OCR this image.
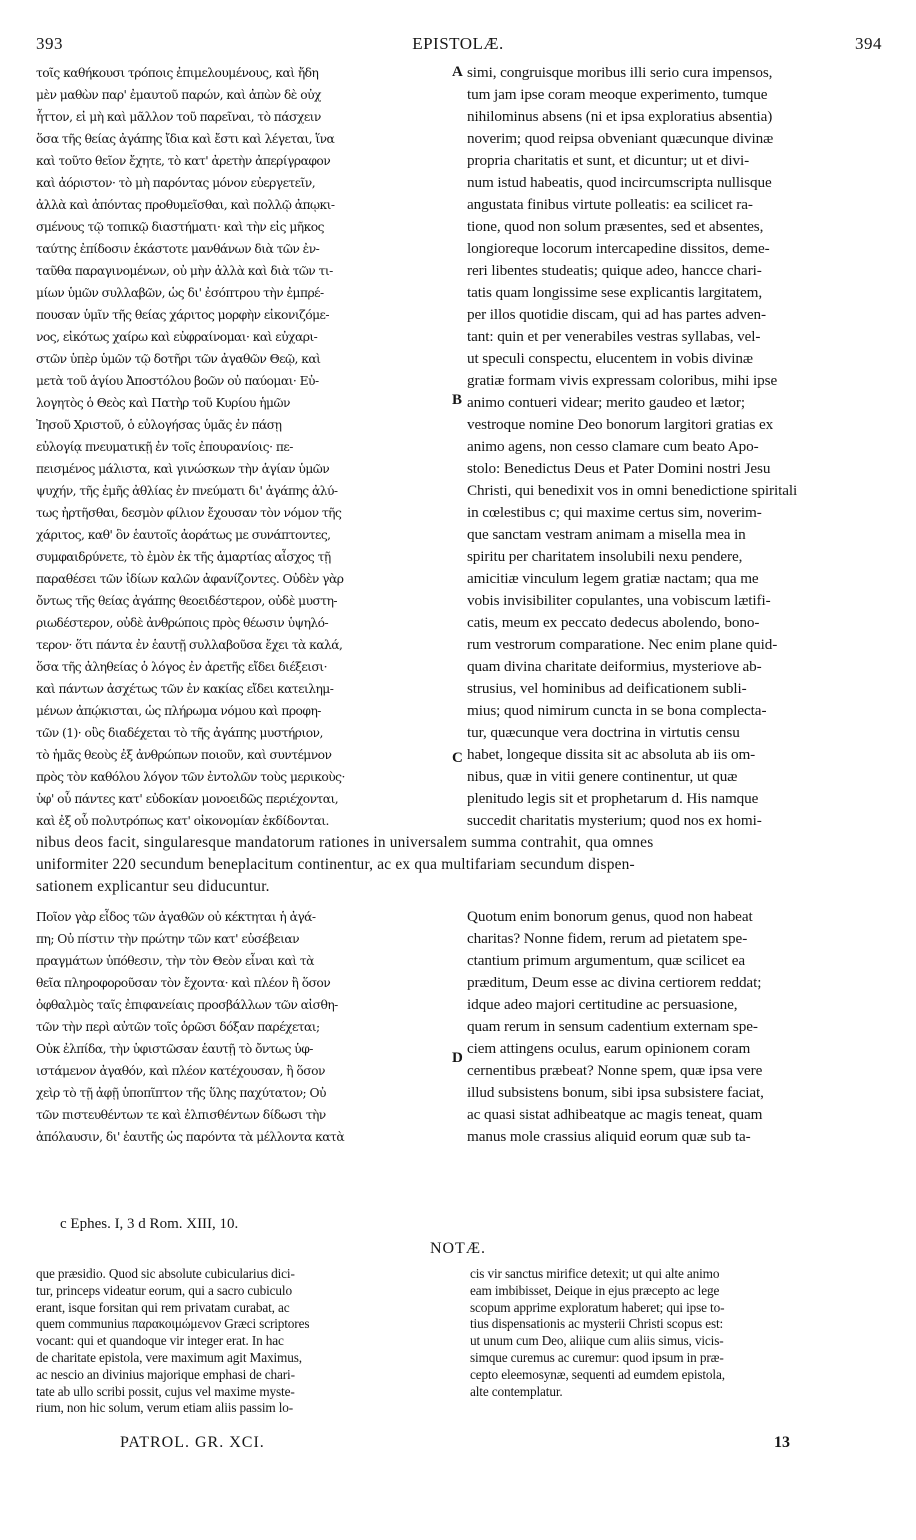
393	EPISTOLÆ.	394
τοῖς καθήκουσι τρόποις ἐπιμελουμένους, καὶ ἤδη
μὲν μαθὼν παρ' ἐμαυτοῦ παρών, καὶ ἀπὼν δὲ οὐχ
ἧττον, εἰ μὴ καὶ μᾶλλον τοῦ παρεῖναι, τὸ πάσχειν
ὅσα τῆς θείας ἀγάπης ἴδια καὶ ἔστι καὶ λέγεται, ἵνα
καὶ τοῦτο θεῖον ἔχητε, τὸ κατ' ἀρετὴν ἀπερίγραφον
καὶ ἀόριστον· τὸ μὴ παρόντας μόνον εὐεργετεῖν,
ἀλλὰ καὶ ἀπόντας προθυμεῖσθαι, καὶ πολλῷ ἀπῳκι-
σμένους τῷ τοπικῷ διαστήματι· καὶ τὴν εἰς μῆκος
ταύτης ἐπίδοσιν ἑκάστοτε μανθάνων διὰ τῶν ἐν-
ταῦθα παραγινομένων, οὐ μὴν ἀλλὰ καὶ διὰ τῶν τι-
μίων ὑμῶν συλλαβῶν, ὡς δι' ἐσόπτρου τὴν ἐμπρέ-
πουσαν ὑμῖν τῆς θείας χάριτος μορφὴν εἰκονιζόμε-
νος, εἰκότως χαίρω καὶ εὐφραίνομαι· καὶ εὐχαρι-
στῶν ὑπὲρ ὑμῶν τῷ δοτῆρι τῶν ἀγαθῶν Θεῷ, καὶ
μετὰ τοῦ ἁγίου Ἀποστόλου βοῶν οὐ παύομαι· Εὐ-
λογητὸς ὁ Θεὸς καὶ Πατὴρ τοῦ Κυρίου ἡμῶν
Ἰησοῦ Χριστοῦ, ὁ εὐλογήσας ὑμᾶς ἐν πάσῃ
εὐλογίᾳ πνευματικῇ ἐν τοῖς ἐπουρανίοις· πε-
πεισμένος μάλιστα, καὶ γινώσκων τὴν ἁγίαν ὑμῶν
ψυχήν, τῆς ἐμῆς ἀθλίας ἐν πνεύματι δι' ἀγάπης ἀλύ-
τως ἠρτῆσθαι, δεσμὸν φίλιον ἔχουσαν τὸν νόμον τῆς
χάριτος, καθ' ὃν ἑαυτοῖς ἀοράτως με συνάπτοντες,
συμφαιδρύνετε, τὸ ἐμὸν ἐκ τῆς ἁμαρτίας αἶσχος τῇ
παραθέσει τῶν ἰδίων καλῶν ἀφανίζοντες. Οὐδὲν γὰρ
ὄντως τῆς θείας ἀγάπης θεοειδέστερον, οὐδὲ μυστη-
ριωδέστερον, οὐδὲ ἀνθρώποις πρὸς θέωσιν ὑψηλό-
τερον· ὅτι πάντα ἐν ἑαυτῇ συλλαβοῦσα ἔχει τὰ καλά,
ὅσα τῆς ἀληθείας ὁ λόγος ἐν ἀρετῆς εἴδει διέξεισι·
καὶ πάντων ἀσχέτως τῶν ἐν κακίας εἴδει κατειλημ-
μένων ἀπῴκισται, ὡς πλήρωμα νόμου καὶ προφη-
τῶν (1)· οὓς διαδέχεται τὸ τῆς ἀγάπης μυστήριον,
τὸ ἡμᾶς θεοὺς ἐξ ἀνθρώπων ποιοῦν, καὶ συντέμνον
πρὸς τὸν καθόλου λόγον τῶν ἐντολῶν τοὺς μερικοὺς·
ὑφ' οὗ πάντες κατ' εὐδοκίαν μονοειδῶς περιέχονται,
καὶ ἐξ οὗ πολυτρόπως κατ' οἰκονομίαν ἐκδίδονται.
simi, congruisque moribus illi serio cura impensos,
tum jam ipse coram meoque experimento, tumque
nihilominus absens (ni et ipsa exploratius absentia)
noverim; quod reipsa obveniant quæcunque divinæ
propria charitatis et sunt, et dicuntur; ut et divi-
num istud habeatis, quod incircumscripta nullisque
angustata finibus virtute polleatis: ea scilicet ra-
tione, quod non solum præsentes, sed et absentes,
longioreque locorum intercapedine dissitos, deme-
reri libentes studeatis; quique adeo, hancce chari-
tatis quam longissime sese explicantis largitatem,
per illos quotidie discam, qui ad has partes adven-
tant: quin et per venerabiles vestras syllabas, vel-
ut speculi conspectu, elucentem in vobis divinæ
gratiæ formam vivis expressam coloribus, mihi ipse
animo contueri videar; merito gaudeo et lætor;
vestroque nomine Deo bonorum largitori gratias ex
animo agens, non cesso clamare cum beato Apo-
stolo: Benedictus Deus et Pater Domini nostri Jesu
Christi, qui benedixit vos in omni benedictione spiritali
in cœlestibus c; qui maxime certus sim, noverim-
que sanctam vestram animam a misella mea in
spiritu per charitatem insolubili nexu pendere,
amicitiæ vinculum legem gratiæ nactam; qua me
vobis invisibiliter copulantes, una vobiscum lætifi-
catis, meum ex peccato dedecus abolendo, bono-
rum vestrorum comparatione. Nec enim plane quid-
quam divina charitate deiformius, mysteriove ab-
strusius, vel hominibus ad deificationem subli-
mius; quod nimirum cuncta in se bona complecta-
tur, quæcunque vera doctrina in virtutis censu
habet, longeque dissita sit ac absoluta ab iis om-
nibus, quæ in vitii genere continentur, ut quæ
plenitudo legis sit et prophetarum d. His namque
succedit charitatis mysterium; quod nos ex homi-
A
B
C
D
nibus deos facit, singularesque mandatorum rationes in universalem summa contrahit, qua omnes
uniformiter 220 secundum beneplacitum continentur, ac ex qua multifariam secundum dispen-
sationem explicantur seu diducuntur.
Ποῖον γὰρ εἶδος τῶν ἀγαθῶν οὐ κέκτηται ἡ ἀγά-
πη; Οὐ πίστιν τὴν πρώτην τῶν κατ' εὐσέβειαν
πραγμάτων ὑπόθεσιν, τὴν τὸν Θεὸν εἶναι καὶ τὰ
θεῖα πληροφοροῦσαν τὸν ἔχοντα· καὶ πλέον ἢ ὅσον
ὀφθαλμὸς ταῖς ἐπιφανείαις προσβάλλων τῶν αἰσθη-
τῶν τὴν περὶ αὐτῶν τοῖς ὁρῶσι δόξαν παρέχεται;
Οὐκ ἐλπίδα, τὴν ὑφιστῶσαν ἑαυτῇ τὸ ὄντως ὑφ-
ιστάμενον ἀγαθόν, καὶ πλέον κατέχουσαν, ἢ ὅσον
χεὶρ τὸ τῇ ἀφῇ ὑποπῖπτον τῆς ὕλης παχύτατον; Οὐ
τῶν πιστευθέντων τε καὶ ἐλπισθέντων δίδωσι τὴν
ἀπόλαυσιν, δι' ἑαυτῆς ὡς παρόντα τὰ μέλλοντα κατὰ
Quotum enim bonorum genus, quod non habeat
charitas? Nonne fidem, rerum ad pietatem spe-
ctantium primum argumentum, quæ scilicet ea
præditum, Deum esse ac divina certiorem reddat;
idque adeo majori certitudine ac persuasione,
quam rerum in sensum cadentium externam spe-
ciem attingens oculus, earum opinionem coram
cernentibus præbeat? Nonne spem, quæ ipsa vere
illud subsistens bonum, sibi ipsa subsistere faciat,
ac quasi sistat adhibeatque ac magis teneat, quam
manus mole crassius aliquid eorum quæ sub ta-
c Ephes. I, 3 d Rom. XIII, 10.
NOTÆ.
que præsidio. Quod sic absolute cubicularius dici-
tur, princeps videatur eorum, qui a sacro cubiculo
erant, isque forsitan qui rem privatam curabat, ac
quem communius παρακοιμώμενον Græci scriptores
vocant: qui et quandoque vir integer erat. In hac
de charitate epistola, vere maximum agit Maximus,
ac nescio an divinius majorique emphasi de chari-
tate ab ullo scribi possit, cujus vel maxime myste-
rium, non hic solum, verum etiam aliis passim lo-
cis vir sanctus mirifice detexit; ut qui alte animo
eam imbibisset, Deique in ejus præcepto ac lege
scopum apprime exploratum haberet; qui ipse to-
tius dispensationis ac mysterii Christi scopus est:
ut unum cum Deo, aliique cum aliis simus, vicis-
simque curemus ac curemur: quod ipsum in præ-
cepto eleemosynæ, sequenti ad eumdem epistola,
alte contemplatur.
PATROL. GR. XCI.	13
